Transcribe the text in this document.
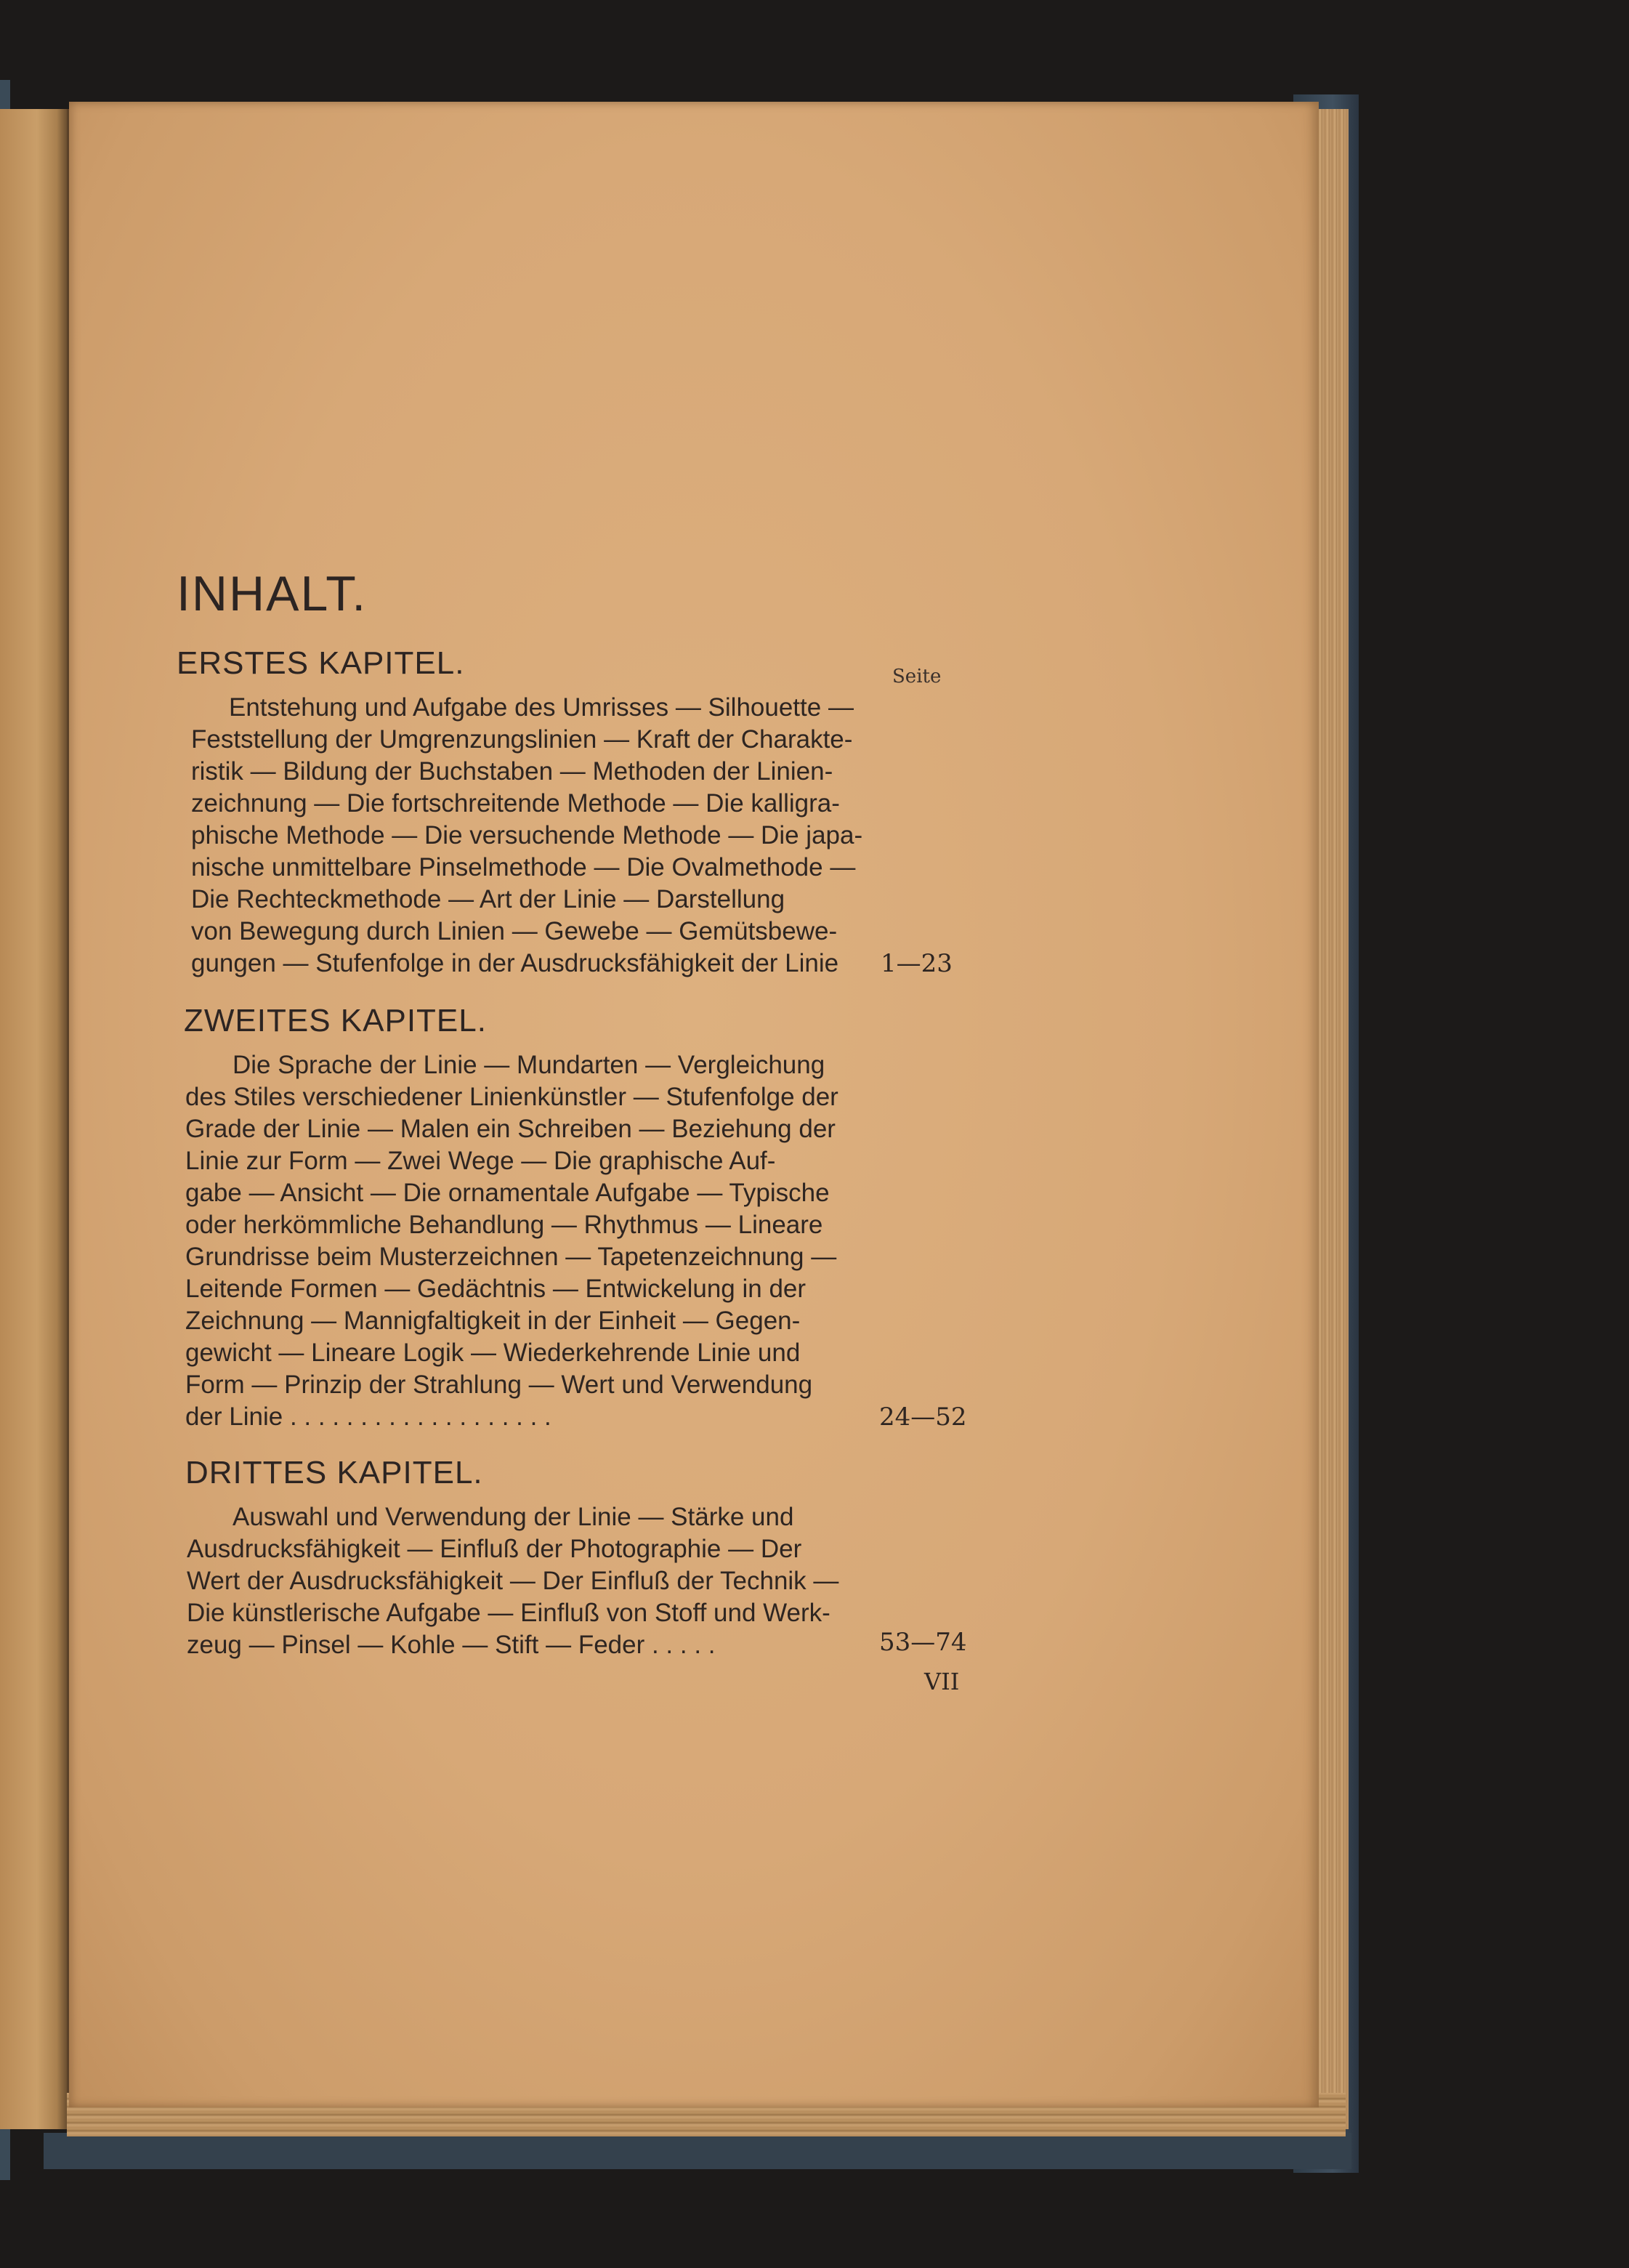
INHALT.
Seite
ERSTES KAPITEL.
Entstehung und Aufgabe des Umrisses — Silhouette —
Feststellung der Umgrenzungslinien — Kraft der Charakte-
ristik — Bildung der Buchstaben — Methoden der Linien-
zeichnung — Die fortschreitende Methode — Die kalligra-
phische Methode — Die versuchende Methode — Die japa-
nische unmittelbare Pinselmethode — Die Ovalmethode —
Die Rechteckmethode — Art der Linie — Darstellung
von Bewegung durch Linien — Gewebe — Gemütsbewe-
gungen — Stufenfolge in der Ausdrucksfähigkeit der Linie 1—23
ZWEITES KAPITEL.
Die Sprache der Linie — Mundarten — Vergleichung
des Stiles verschiedener Linienkünstler — Stufenfolge der
Grade der Linie — Malen ein Schreiben — Beziehung der
Linie zur Form — Zwei Wege — Die graphische Auf-
gabe — Ansicht — Die ornamentale Aufgabe — Typische
oder herkömmliche Behandlung — Rhythmus — Lineare
Grundrisse beim Musterzeichnen — Tapetenzeichnung —
Leitende Formen — Gedächtnis — Entwickelung in der
Zeichnung — Mannigfaltigkeit in der Einheit — Gegen-
gewicht — Lineare Logik — Wiederkehrende Linie und
Form — Prinzip der Strahlung — Wert und Verwendung
der Linie . . . . . . . . . . . . . . . . . . .	24—52
DRITTES KAPITEL.
Auswahl und Verwendung der Linie — Stärke und
Ausdrucksfähigkeit — Einfluß der Photographie — Der
Wert der Ausdrucksfähigkeit — Der Einfluß der Technik —
Die künstlerische Aufgabe — Einfluß von Stoff und Werk-
zeug — Pinsel — Kohle — Stift — Feder . . . . .	53—74
VII
